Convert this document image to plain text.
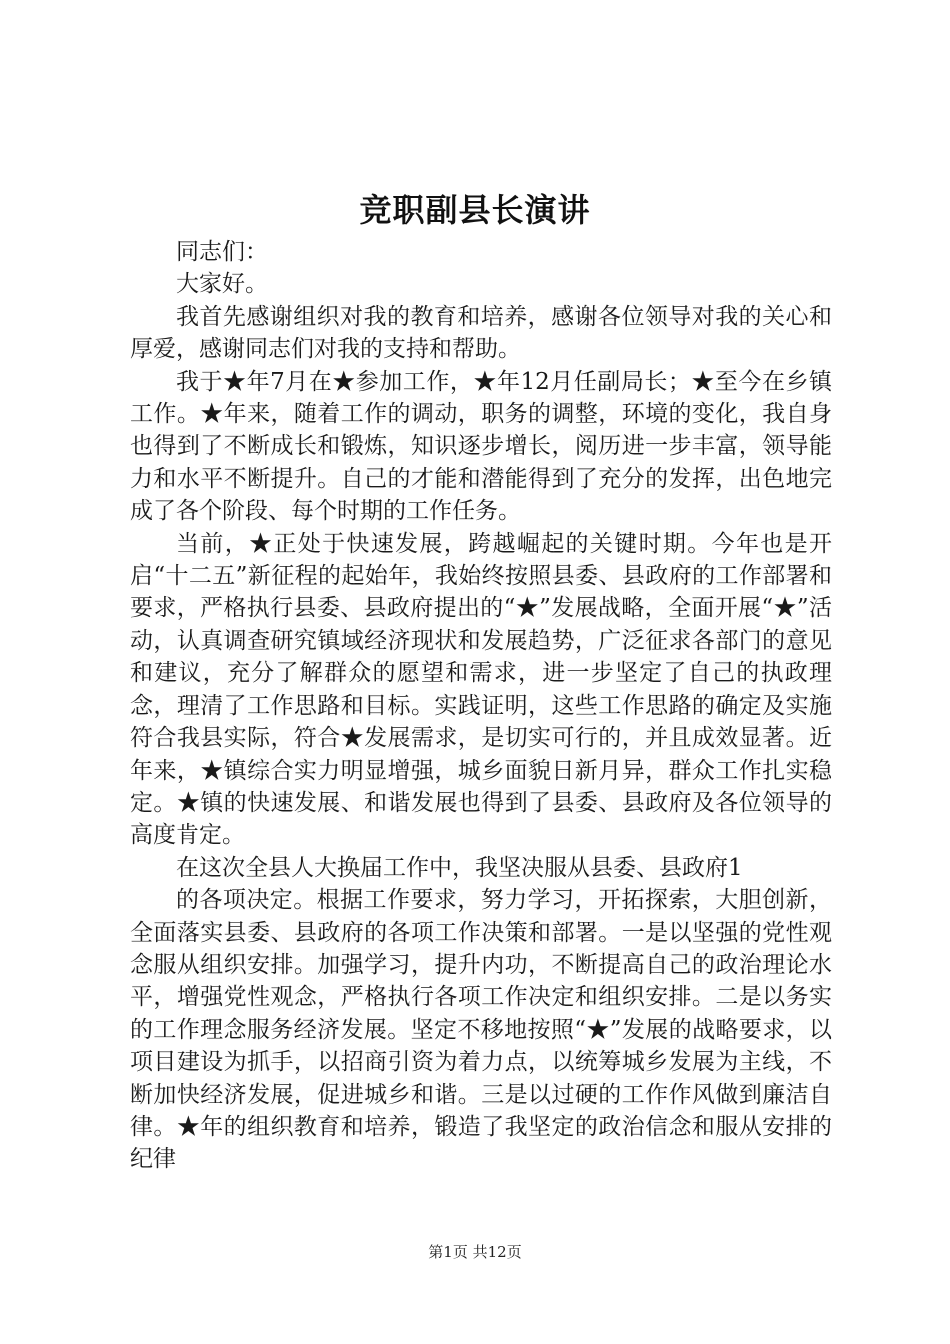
竞职副县长演讲

同志们：

大家好。

我首先感谢组织对我的教育和培养，感谢各位领导对我的关心和厚爱，感谢同志们对我的支持和帮助。

我于★年7月在★参加工作，★年12月任副局长；★至今在乡镇工作。★年来，随着工作的调动，职务的调整，环境的变化，我自身也得到了不断成长和锻炼，知识逐步增长，阅历进一步丰富，领导能力和水平不断提升。自己的才能和潜能得到了充分的发挥，出色地完成了各个阶段、每个时期的工作任务。

当前，★正处于快速发展，跨越崛起的关键时期。今年也是开启“十二五”新征程的起始年，我始终按照县委、县政府的工作部署和要求，严格执行县委、县政府提出的“★”发展战略，全面开展“★”活动，认真调查研究镇域经济现状和发展趋势，广泛征求各部门的意见和建议，充分了解群众的愿望和需求，进一步坚定了自己的执政理念，理清了工作思路和目标。实践证明，这些工作思路的确定及实施符合我县实际，符合★发展需求，是切实可行的，并且成效显著。近年来，★镇综合实力明显增强，城乡面貌日新月异，群众工作扎实稳定。★镇的快速发展、和谐发展也得到了县委、县政府及各位领导的高度肯定。

在这次全县人大换届工作中，我坚决服从县委、县政府1

的各项决定。根据工作要求，努力学习，开拓探索，大胆创新，全面落实县委、县政府的各项工作决策和部署。一是以坚强的党性观念服从组织安排。加强学习，提升内功，不断提高自己的政治理论水平，增强党性观念，严格执行各项工作决定和组织安排。二是以务实的工作理念服务经济发展。坚定不移地按照“★”发展的战略要求，以项目建设为抓手，以招商引资为着力点，以统筹城乡发展为主线，不断加快经济发展，促进城乡和谐。三是以过硬的工作作风做到廉洁自律。★年的组织教育和培养，锻造了我坚定的政治信念和服从安排的纪律

第1页 共12页
